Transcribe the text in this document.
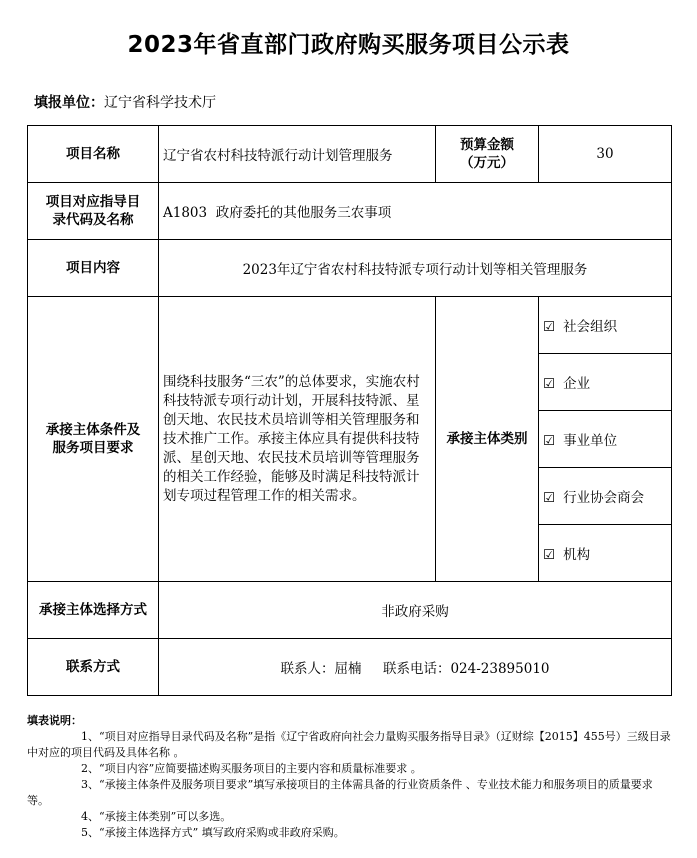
2023年省直部门政府购买服务项目公示表
填报单位：辽宁省科学技术厅
项目名称	辽宁省农村科技特派行动计划管理服务	预算金额
（万元）	30

项目对应指导目
录代码及名称	A1803  政府委托的其他服务三农事项		
项目内容	2023年辽宁省农村科技特派专项行动计划等相关管理服务		

承接主体条件及
服务项目要求	围绕科技服务“三农”的总体要求，实施农村科技特派专项行动计划，开展科技特派、星创天地、农民技术员培训等相关管理服务和技术推广工作。承接主体应具有提供科技特派、星创天地、农民技术员培训等管理服务的相关工作经验，能够及时满足科技特派计划专项过程管理工作的相关需求。	承接主体类别	☑ 社会组织
			☑ 企业
			☑ 事业单位
			☑ 行业协会商会
			☑ 机构
承接主体选择方式	非政府采购		
联系方式	联系人：屈楠     联系电话：024-23895010		
填表说明：
1、“项目对应指导目录代码及名称”是指《辽宁省政府向社会力量购买服务指导目录》（辽财综【2015】455号）三级目录中对应的项目代码及具体名称 。
2、“项目内容”应简要描述购买服务项目的主要内容和质量标准要求 。
3、“承接主体条件及服务项目要求”填写承接项目的主体需具备的行业资质条件 、专业技术能力和服务项目的质量要求等。
4、“承接主体类别”可以多选。
5、“承接主体选择方式” 填写政府采购或非政府采购。
